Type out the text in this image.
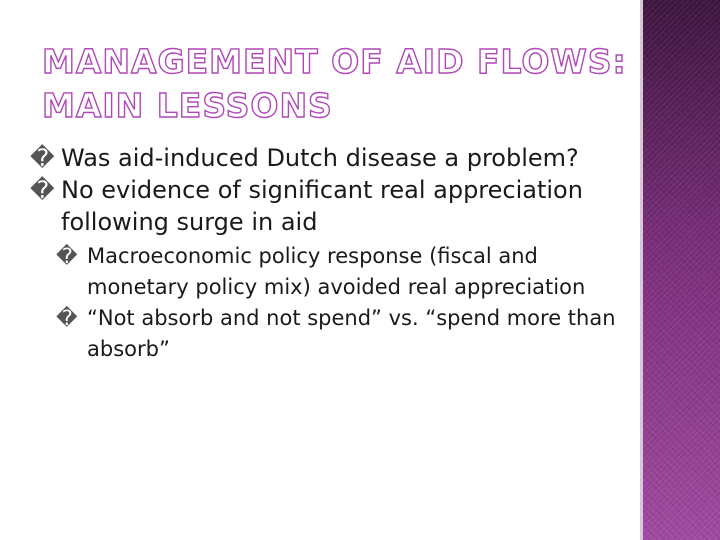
MANAGEMENT OF AID FLOWS:
MAIN LESSONS

� Was aid-induced Dutch disease a problem?

� No evidence of significant real appreciation following surge in aid

� Macroeconomic policy response (fiscal and monetary policy mix) avoided real appreciation

� “Not absorb and not spend” vs. “spend more than absorb”
